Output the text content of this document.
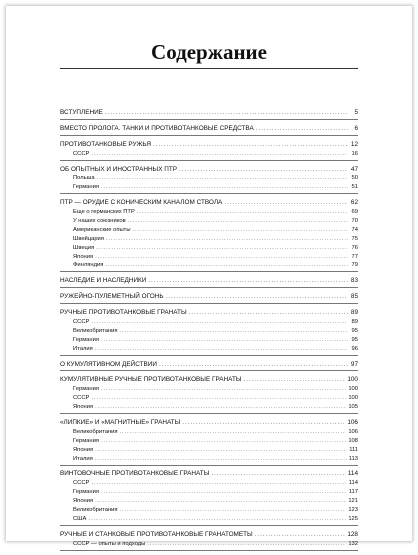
Содержание
ВСТУПЛЕНИЕ .....	5
ВМЕСТО ПРОЛОГА. ТАНКИ И ПРОТИВОТАНКОВЫЕ СРЕДСТВА .....	6
ПРОТИВОТАНКОВЫЕ РУЖЬЯ .....	12
СССР .....	16
ОБ ОПЫТНЫХ И ИНОСТРАННЫХ ПТР .....	47
Польша .....	50
Германия .....	51
ПТР — ОРУДИЕ С КОНИЧЕСКИМ КАНАЛОМ СТВОЛА .....	62
Еще о германских ПТР .....	69
У наших союзников .....	70
Американские опыты .....	74
Швейцария .....	75
Швеция .....	76
Япония .....	77
Финляндия .....	79
НАСЛЕДИЕ И НАСЛЕДНИКИ .....	83
РУЖЕЙНО-ПУЛЕМЕТНЫЙ ОГОНЬ .....	85
РУЧНЫЕ ПРОТИВОТАНКОВЫЕ ГРАНАТЫ .....	89
СССР .....	89
Великобритания .....	95
Германия .....	95
Италия .....	96
О КУМУЛЯТИВНОМ ДЕЙСТВИИ .....	97
КУМУЛЯТИВНЫЕ РУЧНЫЕ ПРОТИВОТАНКОВЫЕ ГРАНАТЫ .....	100
Германия .....	100
СССР .....	100
Япония .....	105
«ЛИПКИЕ» И «МАГНИТНЫЕ» ГРАНАТЫ .....	106
Великобритания .....	106
Германия .....	108
Япония .....	111
Италия .....	113
ВИНТОВОЧНЫЕ ПРОТИВОТАНКОВЫЕ ГРАНАТЫ .....	114
СССР .....	114
Германия .....	117
Япония .....	121
Великобритания .....	123
США .....	125
РУЧНЫЕ И СТАНКОВЫЕ ПРОТИВОТАНКОВЫЕ ГРАНАТОМЕТЫ .....	128
СССР — опыты и подходы .....	132
